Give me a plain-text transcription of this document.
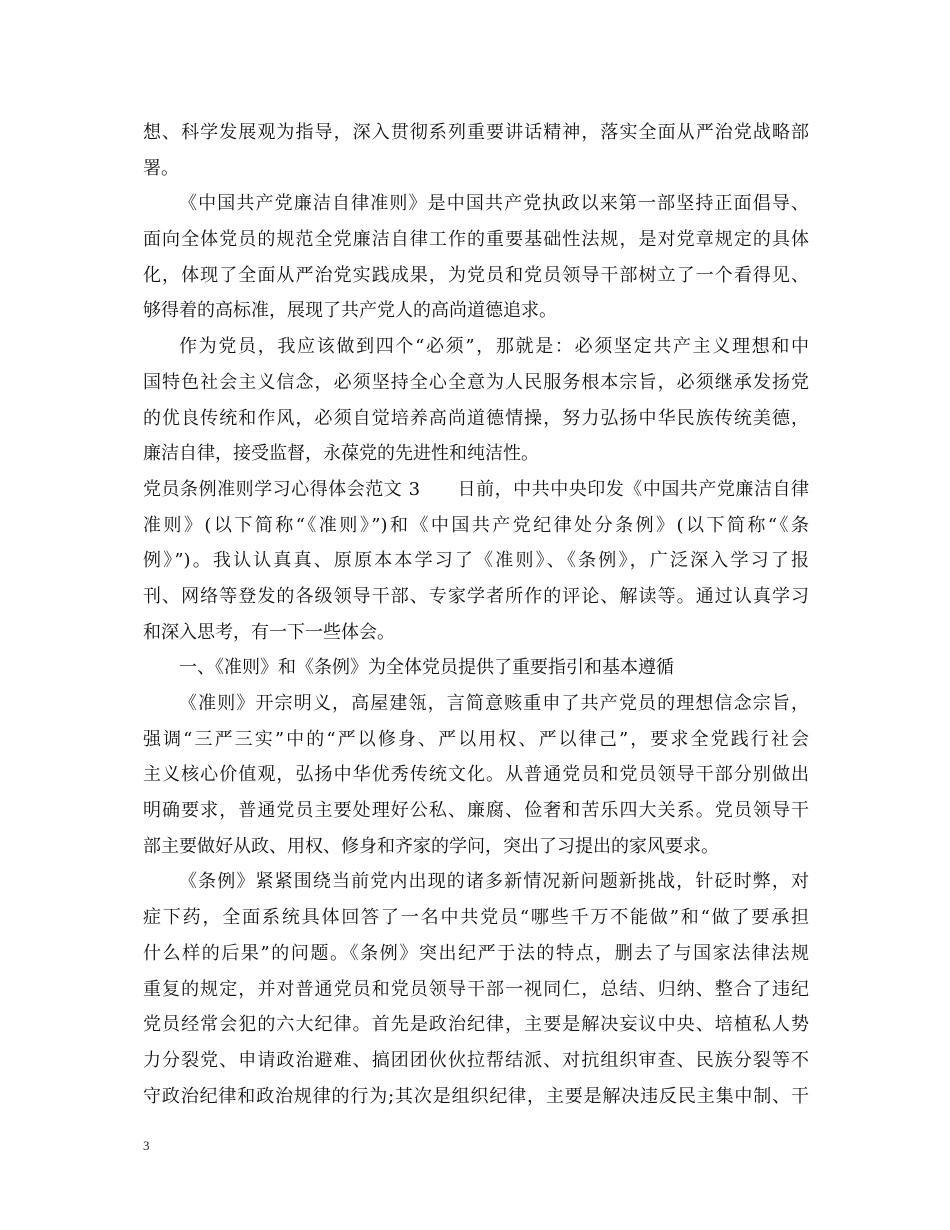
想、科学发展观为指导，深入贯彻系列重要讲话精神，落实全面从严治党战略部
署。
《中国共产党廉洁自律准则》是中国共产党执政以来第一部坚持正面倡导、
面向全体党员的规范全党廉洁自律工作的重要基础性法规，是对党章规定的具体
化，体现了全面从严治党实践成果，为党员和党员领导干部树立了一个看得见、
够得着的高标准，展现了共产党人的高尚道德追求。
作为党员，我应该做到四个“必须”，那就是：必须坚定共产主义理想和中
国特色社会主义信念，必须坚持全心全意为人民服务根本宗旨，必须继承发扬党
的优良传统和作风，必须自觉培养高尚道德情操，努力弘扬中华民族传统美德，
廉洁自律，接受监督，永葆党的先进性和纯洁性。
党员条例准则学习心得体会范文 3　　日前，中共中央印发《中国共产党廉洁自律
准则》(以下简称“《准则》”)和《中国共产党纪律处分条例》(以下简称“《条
例》”)。我认认真真、原原本本学习了《准则》、《条例》，广泛深入学习了报
刊、网络等登发的各级领导干部、专家学者所作的评论、解读等。通过认真学习
和深入思考，有一下一些体会。
一、《准则》和《条例》为全体党员提供了重要指引和基本遵循
《准则》开宗明义，高屋建瓴，言简意赅重申了共产党员的理想信念宗旨，
强调“三严三实”中的“严以修身、严以用权、严以律己”，要求全党践行社会
主义核心价值观，弘扬中华优秀传统文化。从普通党员和党员领导干部分别做出
明确要求，普通党员主要处理好公私、廉腐、俭奢和苦乐四大关系。党员领导干
部主要做好从政、用权、修身和齐家的学问，突出了习提出的家风要求。
《条例》紧紧围绕当前党内出现的诸多新情况新问题新挑战，针砭时弊，对
症下药，全面系统具体回答了一名中共党员“哪些千万不能做”和“做了要承担
什么样的后果”的问题。《条例》突出纪严于法的特点，删去了与国家法律法规
重复的规定，并对普通党员和党员领导干部一视同仁，总结、归纳、整合了违纪
党员经常会犯的六大纪律。首先是政治纪律，主要是解决妄议中央、培植私人势
力分裂党、申请政治避难、搞团团伙伙拉帮结派、对抗组织审查、民族分裂等不
守政治纪律和政治规律的行为;其次是组织纪律，主要是解决违反民主集中制、干
3
